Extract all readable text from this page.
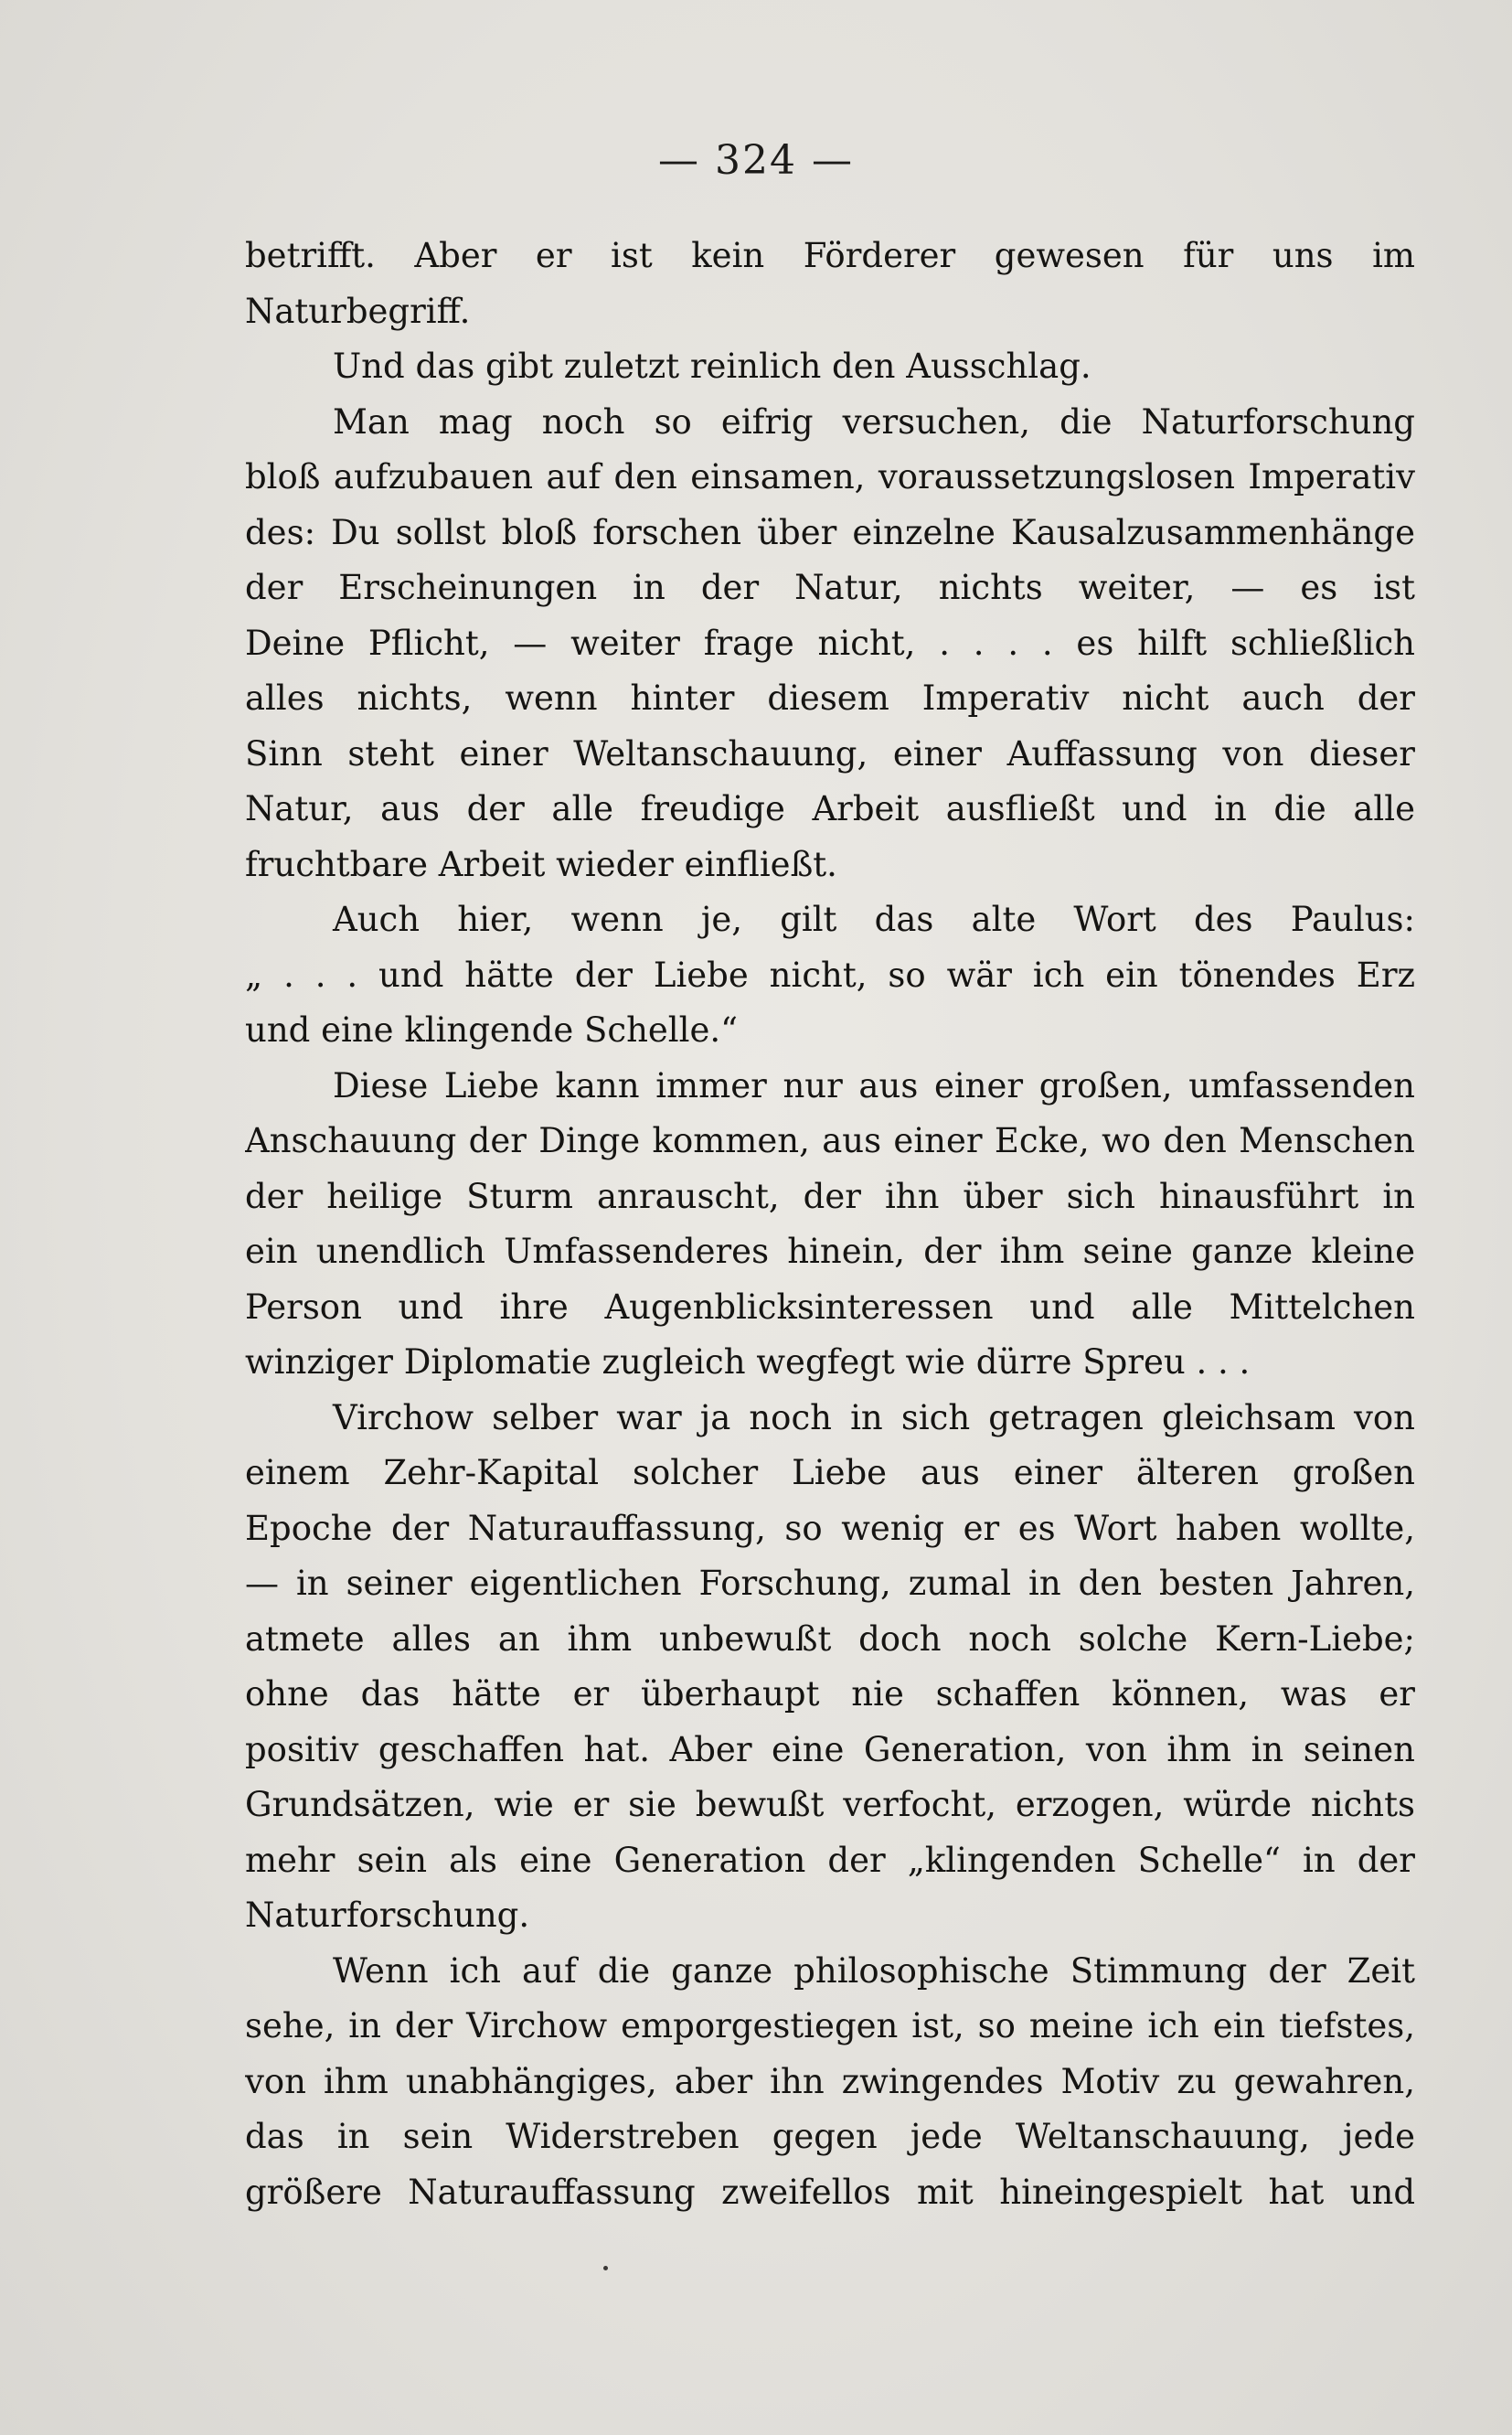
— 324 —
betrifft. Aber er ist kein Förderer gewesen für uns im
Naturbegriff.
Und das gibt zuletzt reinlich den Ausschlag.
Man mag noch so eifrig versuchen, die Naturforschung
bloß aufzubauen auf den einsamen, voraussetzungslosen Imperativ
des: Du sollst bloß forschen über einzelne Kausalzusammenhänge
der Erscheinungen in der Natur, nichts weiter, — es ist
Deine Pflicht, — weiter frage nicht, . . . . es hilft schließlich
alles nichts, wenn hinter diesem Imperativ nicht auch der
Sinn steht einer Weltanschauung, einer Auffassung von dieser
Natur, aus der alle freudige Arbeit ausfließt und in die alle
fruchtbare Arbeit wieder einfließt.
Auch hier, wenn je, gilt das alte Wort des Paulus:
„ . . . und hätte der Liebe nicht, so wär ich ein tönendes Erz
und eine klingende Schelle.“
Diese Liebe kann immer nur aus einer großen, umfassenden
Anschauung der Dinge kommen, aus einer Ecke, wo den Menschen
der heilige Sturm anrauscht, der ihn über sich hinausführt in
ein unendlich Umfassenderes hinein, der ihm seine ganze kleine
Person und ihre Augenblicksinteressen und alle Mittelchen
winziger Diplomatie zugleich wegfegt wie dürre Spreu . . .
Virchow selber war ja noch in sich getragen gleichsam von
einem Zehr-Kapital solcher Liebe aus einer älteren großen
Epoche der Naturauffassung, so wenig er es Wort haben wollte,
— in seiner eigentlichen Forschung, zumal in den besten Jahren,
atmete alles an ihm unbewußt doch noch solche Kern-Liebe;
ohne das hätte er überhaupt nie schaffen können, was er
positiv geschaffen hat. Aber eine Generation, von ihm in seinen
Grundsätzen, wie er sie bewußt verfocht, erzogen, würde nichts
mehr sein als eine Generation der „klingenden Schelle“ in der
Naturforschung.
Wenn ich auf die ganze philosophische Stimmung der Zeit
sehe, in der Virchow emporgestiegen ist, so meine ich ein tiefstes,
von ihm unabhängiges, aber ihn zwingendes Motiv zu gewahren,
das in sein Widerstreben gegen jede Weltanschauung, jede
größere Naturauffassung zweifellos mit hineingespielt hat und
